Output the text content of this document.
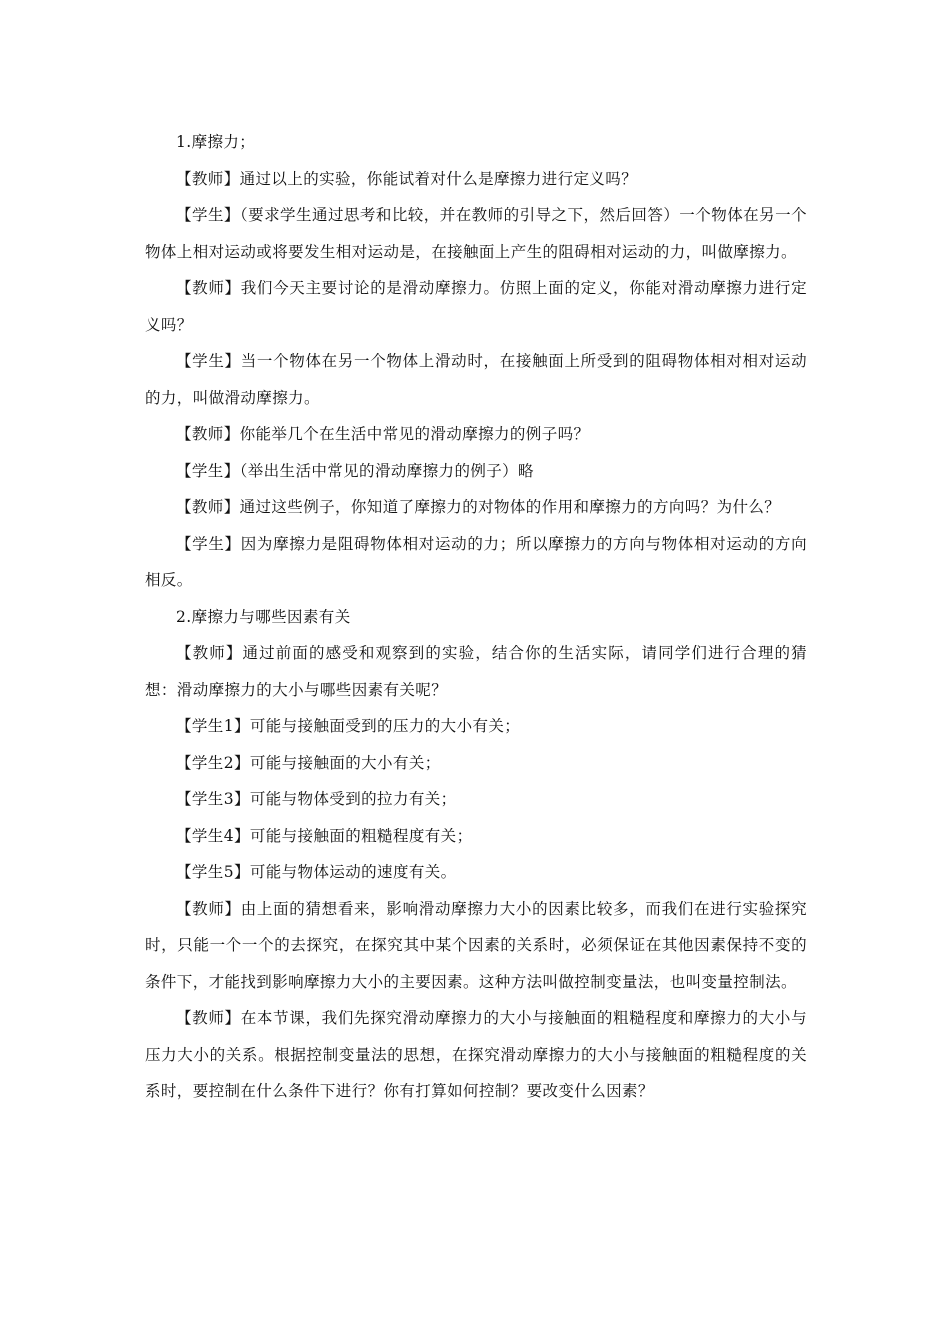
1.摩擦力；

【教师】通过以上的实验，你能试着对什么是摩擦力进行定义吗？

【学生】（要求学生通过思考和比较，并在教师的引导之下，然后回答）一个物体在另一个物体上相对运动或将要发生相对运动是，在接触面上产生的阻碍相对运动的力，叫做摩擦力。

【教师】我们今天主要讨论的是滑动摩擦力。仿照上面的定义，你能对滑动摩擦力进行定义吗？

【学生】当一个物体在另一个物体上滑动时，在接触面上所受到的阻碍物体相对相对运动的力，叫做滑动摩擦力。

【教师】你能举几个在生活中常见的滑动摩擦力的例子吗？

【学生】（举出生活中常见的滑动摩擦力的例子）略

【教师】通过这些例子，你知道了摩擦力的对物体的作用和摩擦力的方向吗？为什么？

【学生】因为摩擦力是阻碍物体相对运动的力；所以摩擦力的方向与物体相对运动的方向相反。

2.摩擦力与哪些因素有关

【教师】通过前面的感受和观察到的实验，结合你的生活实际，请同学们进行合理的猜想：滑动摩擦力的大小与哪些因素有关呢？

【学生1】可能与接触面受到的压力的大小有关；

【学生2】可能与接触面的大小有关；

【学生3】可能与物体受到的拉力有关；

【学生4】可能与接触面的粗糙程度有关；

【学生5】可能与物体运动的速度有关。

【教师】由上面的猜想看来，影响滑动摩擦力大小的因素比较多，而我们在进行实验探究时，只能一个一个的去探究，在探究其中某个因素的关系时，必须保证在其他因素保持不变的条件下，才能找到影响摩擦力大小的主要因素。这种方法叫做控制变量法，也叫变量控制法。

【教师】在本节课，我们先探究滑动摩擦力的大小与接触面的粗糙程度和摩擦力的大小与压力大小的关系。根据控制变量法的思想，在探究滑动摩擦力的大小与接触面的粗糙程度的关系时，要控制在什么条件下进行？你有打算如何控制？要改变什么因素？
